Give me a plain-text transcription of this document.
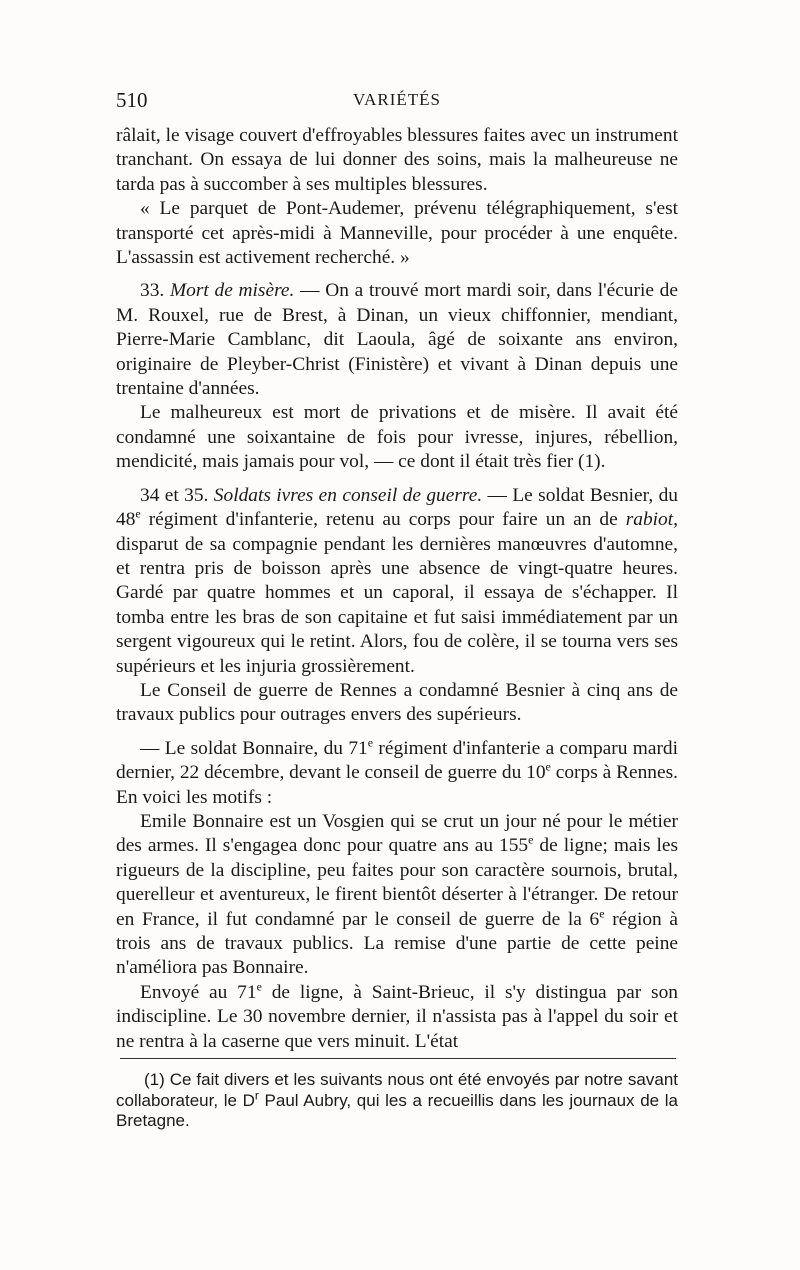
510	VARIÉTÉS

râlait, le visage couvert d'effroyables blessures faites avec un instrument tranchant. On essaya de lui donner des soins, mais la malheureuse ne tarda pas à succomber à ses multiples blessures.

« Le parquet de Pont-Audemer, prévenu télégraphiquement, s'est transporté cet après-midi à Manneville, pour procéder à une enquête. L'assassin est activement recherché. »

33. Mort de misère. — On a trouvé mort mardi soir, dans l'écurie de M. Rouxel, rue de Brest, à Dinan, un vieux chiffonnier, mendiant, Pierre-Marie Camblanc, dit Laoula, âgé de soixante ans environ, originaire de Pleyber-Christ (Finistère) et vivant à Dinan depuis une trentaine d'années.

Le malheureux est mort de privations et de misère. Il avait été condamné une soixantaine de fois pour ivresse, injures, rébellion, mendicité, mais jamais pour vol, — ce dont il était très fier (1).

34 et 35. Soldats ivres en conseil de guerre. — Le soldat Besnier, du 48e régiment d'infanterie, retenu au corps pour faire un an de rabiot, disparut de sa compagnie pendant les dernières manœuvres d'automne, et rentra pris de boisson après une absence de vingt-quatre heures. Gardé par quatre hommes et un caporal, il essaya de s'échapper. Il tomba entre les bras de son capitaine et fut saisi immédiatement par un sergent vigoureux qui le retint. Alors, fou de colère, il se tourna vers ses supérieurs et les injuria grossièrement.

Le Conseil de guerre de Rennes a condamné Besnier à cinq ans de travaux publics pour outrages envers des supérieurs.

— Le soldat Bonnaire, du 71e régiment d'infanterie a comparu mardi dernier, 22 décembre, devant le conseil de guerre du 10e corps à Rennes. En voici les motifs :

Emile Bonnaire est un Vosgien qui se crut un jour né pour le métier des armes. Il s'engagea donc pour quatre ans au 155e de ligne; mais les rigueurs de la discipline, peu faites pour son caractère sournois, brutal, querelleur et aventureux, le firent bientôt déserter à l'étranger. De retour en France, il fut condamné par le conseil de guerre de la 6e région à trois ans de travaux publics. La remise d'une partie de cette peine n'améliora pas Bonnaire.

Envoyé au 71e de ligne, à Saint-Brieuc, il s'y distingua par son indiscipline. Le 30 novembre dernier, il n'assista pas à l'appel du soir et ne rentra à la caserne que vers minuit. L'état

(1) Ce fait divers et les suivants nous ont été envoyés par notre savant collaborateur, le $D^r$ Paul Aubry, qui les a recueillis dans les journaux de la Bretagne.
